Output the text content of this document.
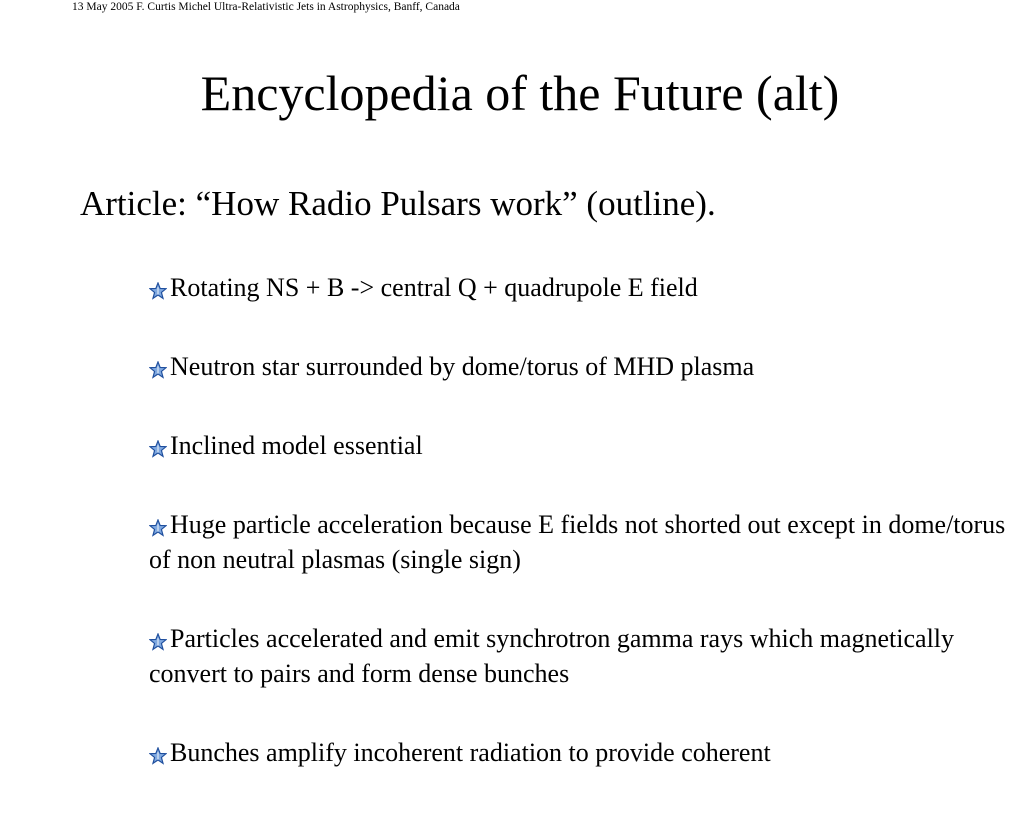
13 May 2005 F. Curtis Michel Ultra-Relativistic Jets in Astrophysics, Banff, Canada
Encyclopedia of the Future (alt)
Article: “How Radio Pulsars work” (outline).
Rotating NS + B -> central Q + quadrupole E field
Neutron star surrounded by dome/torus of MHD plasma
Inclined model essential
Huge particle acceleration because E fields not shorted out except in dome/torus of non neutral plasmas (single sign)
Particles accelerated and emit synchrotron gamma rays which magnetically convert to pairs and form dense bunches
Bunches amplify incoherent radiation to provide coherent
